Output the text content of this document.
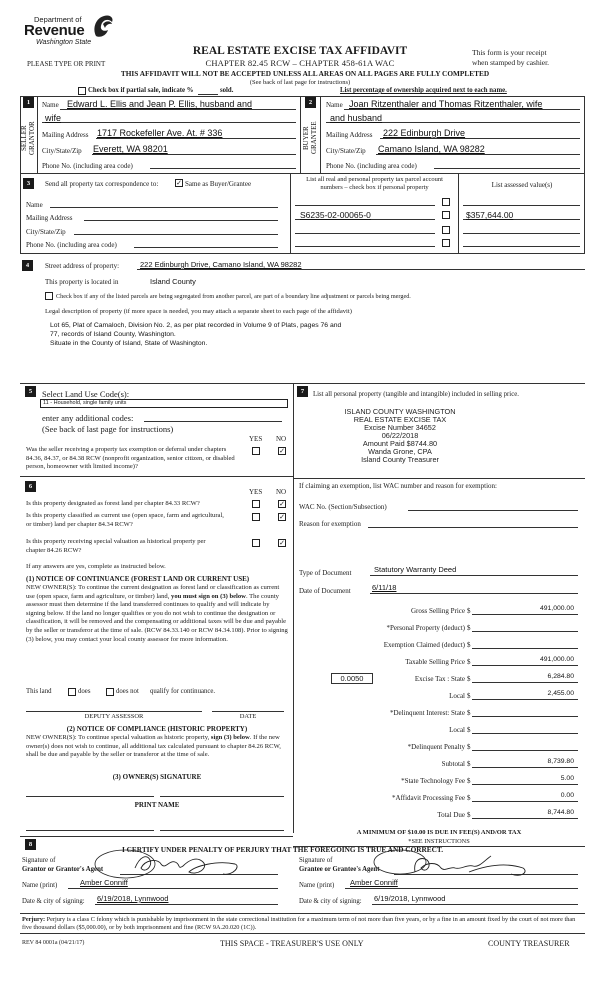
Department of
Revenue
Washington State
REAL ESTATE EXCISE TAX AFFIDAVIT
CHAPTER 82.45 RCW – CHAPTER 458-61A WAC
PLEASE TYPE OR PRINT
This form is your receipt
when stamped by cashier.
THIS AFFIDAVIT WILL NOT BE ACCEPTED UNLESS ALL AREAS ON ALL PAGES ARE FULLY COMPLETED
(See back of last page for instructions)
Check box if partial sale, indicate %	sold.	List percentage of ownership acquired next to each name.
1
SELLER GRANTOR
Name Edward L. Ellis and Jean P. Ellis, husband and
wife
Mailing Address 1717 Rockefeller Ave. At. # 336
City/State/Zip Everett, WA 98201
Phone No. (including area code)
2
BUYER GRANTEE
Name Joan Ritzenthaler and Thomas Ritzenthaler, wife
and husband
Mailing Address 222 Edinburgh Drive
City/State/Zip Camano Island, WA 98282
Phone No. (including area code)
3	Send all property tax correspondence to:	✓ Same as Buyer/Grantee
Name
Mailing Address
City/State/Zip
Phone No. (including area code)
List all real and personal property tax parcel account
numbers – check box if personal property	List assessed value(s)
S6235-02-00065-0	$357,644.00
4	Street address of property:	222 Edinburgh Drive, Camano Island, WA 98282
This property is located in	Island County
Check box if any of the listed parcels are being segregated from another parcel, are part of a boundary line adjustment or parcels being merged.
Legal description of property (if more space is needed, you may attach a separate sheet to each page of the affidavit)
Lot 65, Plat of Camaloch, Division No. 2, as per plat recorded in Volume 9 of Plats, pages 76 and
77, records of Island County, Washington.
Situate in the County of Island, State of Washington.
5	Select Land Use Code(s):
11 - Household, single family units
enter any additional codes:
(See back of last page for instructions)
YES NO
Was the seller receiving a property tax exemption or deferral under chapters 84.36, 84.37, or 84.38 RCW (nonprofit organization, senior citizen, or disabled person, homeowner with limited income)?
✓
6
YES NO
Is this property designated as forest land per chapter 84.33 RCW?	✓
Is this property classified as current use (open space, farm and agricultural, or timber) land per chapter 84.34 RCW?
✓
Is this property receiving special valuation as historical property per chapter 84.26 RCW?
✓
If any answers are yes, complete as instructed below.
(1) NOTICE OF CONTINUANCE (FOREST LAND OR CURRENT USE)
NEW OWNER(S): To continue the current designation as forest land or classification as current use (open space, farm and agriculture, or timber) land, you must sign on (3) below. The county assessor must then determine if the land transferred continues to qualify and will indicate by signing below. If the land no longer qualifies or you do not wish to continue the designation or classification, it will be removed and the compensating or additional taxes will be due and payable by the seller or transferor at the time of sale. (RCW 84.33.140 or RCW 84.34.108). Prior to signing (3) below, you may contact your local county assessor for more information.
This land	does	does not qualify for continuance.
DEPUTY ASSESSOR	DATE
(2) NOTICE OF COMPLIANCE (HISTORIC PROPERTY)
NEW OWNER(S): To continue special valuation as historic property, sign (3) below. If the new owner(s) does not wish to continue, all additional tax calculated pursuant to chapter 84.26 RCW, shall be due and payable by the seller or transferor at the time of sale.
(3) OWNER(S) SIGNATURE
PRINT NAME
7	List all personal property (tangible and intangible) included in selling price.
ISLAND COUNTY WASHINGTON
REAL ESTATE EXCISE TAX
Excise Number 34652
06/22/2018
Amount Paid $8744.80
Wanda Grone, CPA
Island County Treasurer
If claiming an exemption, list WAC number and reason for exemption:
WAC No. (Section/Subsection)
Reason for exemption
Type of Document	Statutory Warranty Deed
Date of Document	6/11/18
0.0050
Gross Selling Price $	491,000.00
*Personal Property (deduct) $
Exemption Claimed (deduct) $
Taxable Selling Price $	491,000.00
Excise Tax : State $	6,284.80
Local $	2,455.00
*Delinquent Interest: State $
Local $
*Delinquent Penalty $
Subtotal $	8,739.80
*State Technology Fee $	5.00
*Affidavit Processing Fee $	0.00
Total Due $	8,744.80
A MINIMUM OF $10.00 IS DUE IN FEE(S) AND/OR TAX
*SEE INSTRUCTIONS
8
I CERTIFY UNDER PENALTY OF PERJURY THAT THE FOREGOING IS TRUE AND CORRECT.
Signature of
Grantor or Grantor's Agent
Name (print)	Amber Conniff
Date & city of signing: 6/19/2018, Lynnwood
Signature of
Grantee or Grantee's Agent
Name (print) Amber Conniff
Date & city of signing: 6/19/2018, Lynnwood
Perjury: Perjury is a class C felony which is punishable by imprisonment in the state correctional institution for a maximum term of not more than five years, or by a fine in an amount fixed by the court of not more than five thousand dollars ($5,000.00), or by both imprisonment and fine (RCW 9A.20.020 (1C)).
REV 84 0001a (04/21/17)	THIS SPACE - TREASURER'S USE ONLY	COUNTY TREASURER
